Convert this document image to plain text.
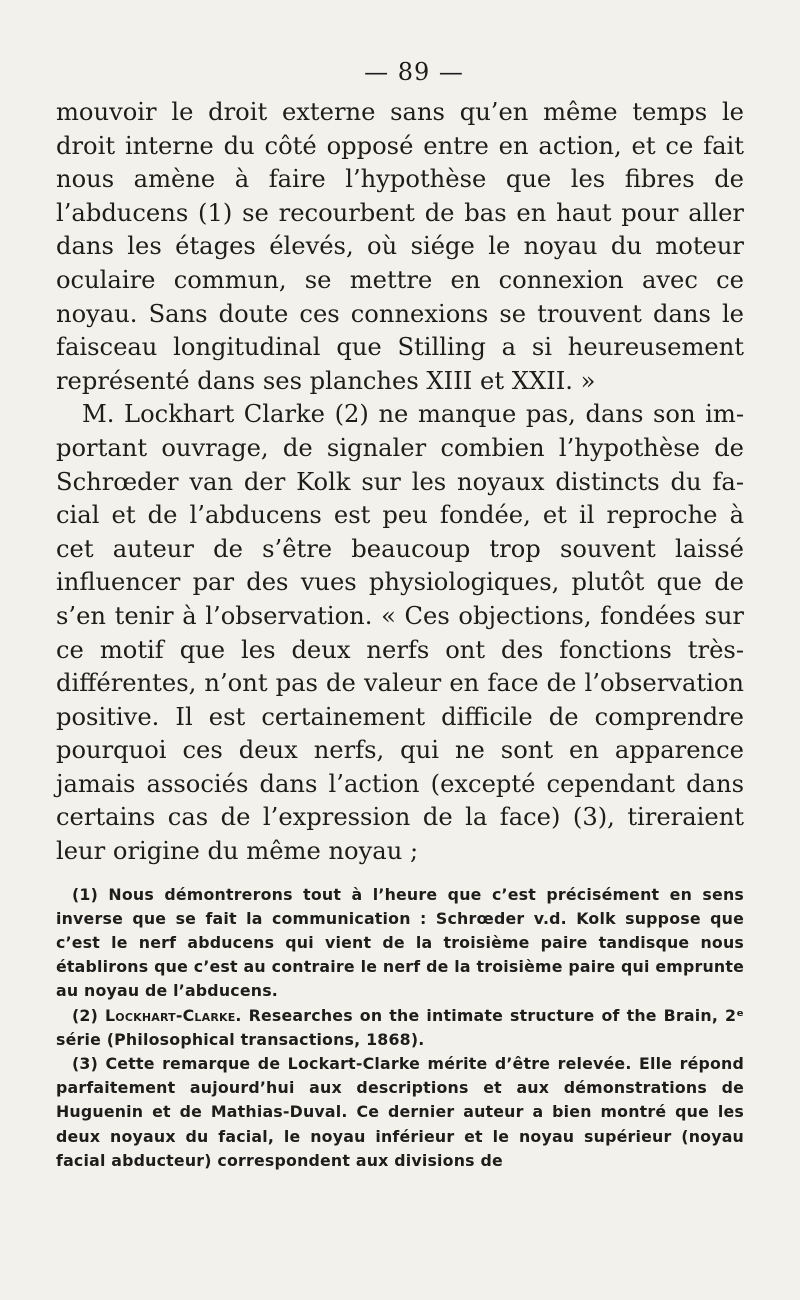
— 89 —

mouvoir le droit externe sans qu’en même temps le droit interne du côté opposé entre en action, et ce fait nous amène à faire l’hypothèse que les fibres de l’abducens (1) se recourbent de bas en haut pour aller dans les étages élevés, où siége le noyau du moteur oculaire commun, se mettre en connexion avec ce noyau. Sans doute ces connexions se trouvent dans le faisceau longitudinal que Stilling a si heureusement représenté dans ses planches XIII et XXII. »

M. Lockhart Clarke (2) ne manque pas, dans son important ouvrage, de signaler combien l’hypothèse de Schrœder van der Kolk sur les noyaux distincts du facial et de l’abducens est peu fondée, et il reproche à cet auteur de s’être beaucoup trop souvent laissé influencer par des vues physiologiques, plutôt que de s’en tenir à l’observation. « Ces objections, fondées sur ce motif que les deux nerfs ont des fonctions très-différentes, n’ont pas de valeur en face de l’observation positive. Il est certainement difficile de comprendre pourquoi ces deux nerfs, qui ne sont en apparence jamais associés dans l’action (excepté cependant dans certains cas de l’expression de la face) (3), tireraient leur origine du même noyau ;

(1) Nous démontrerons tout à l’heure que c’est précisément en sens inverse que se fait la communication : Schrœder v.d. Kolk suppose que c’est le nerf abducens qui vient de la troisième paire tandisque nous établirons que c’est au contraire le nerf de la troisième paire qui emprunte au noyau de l’abducens.

(2) Lockhart-Clarke. Researches on the intimate structure of the Brain, 2ᵉ série (Philosophical transactions, 1868).

(3) Cette remarque de Lockart-Clarke mérite d’être relevée. Elle répond parfaitement aujourd’hui aux descriptions et aux démonstrations de Huguenin et de Mathias-Duval. Ce dernier auteur a bien montré que les deux noyaux du facial, le noyau inférieur et le noyau supérieur (noyau facial abducteur) correspondent aux divisions de
